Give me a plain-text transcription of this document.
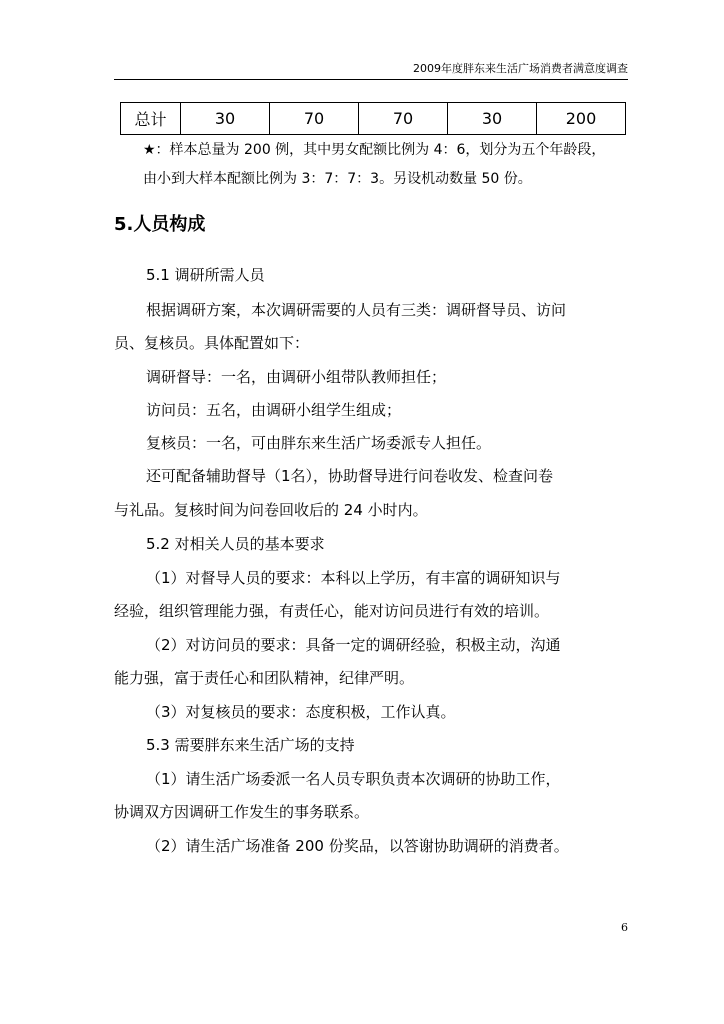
2009年度胖东来生活广场消费者满意度调查
总计	30	70	70	30	200
★：样本总量为 200 例，其中男女配额比例为 4：6，划分为五个年龄段，
由小到大样本配额比例为 3：7：7：3。另设机动数量 50 份。
5.人员构成
5.1 调研所需人员
根据调研方案，本次调研需要的人员有三类：调研督导员、访问
员、复核员。具体配置如下：
调研督导：一名，由调研小组带队教师担任；
访问员：五名，由调研小组学生组成；
复核员：一名，可由胖东来生活广场委派专人担任。
还可配备辅助督导（1名），协助督导进行问卷收发、检查问卷
与礼品。复核时间为问卷回收后的 24 小时内。
5.2 对相关人员的基本要求
（1）对督导人员的要求：本科以上学历，有丰富的调研知识与
经验，组织管理能力强，有责任心，能对访问员进行有效的培训。
（2）对访问员的要求：具备一定的调研经验，积极主动，沟通
能力强，富于责任心和团队精神，纪律严明。
（3）对复核员的要求：态度积极，工作认真。
5.3 需要胖东来生活广场的支持
（1）请生活广场委派一名人员专职负责本次调研的协助工作，
协调双方因调研工作发生的事务联系。
（2）请生活广场准备 200 份奖品，以答谢协助调研的消费者。
6
